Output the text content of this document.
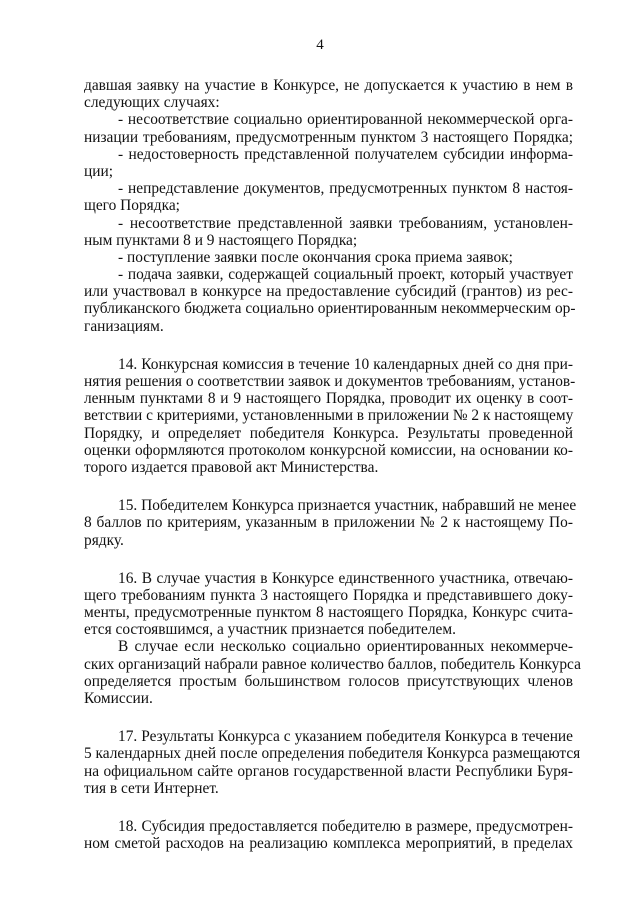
4
давшая заявку на участие в Конкурсе, не допускается к участию в нем в
следующих случаях:
- несоответствие социально ориентированной некоммерческой орга-
низации требованиям, предусмотренным пунктом 3 настоящего Порядка;
- недостоверность представленной получателем субсидии информа-
ции;
- непредставление документов, предусмотренных пунктом 8 настоя-
щего Порядка;
- несоответствие представленной заявки требованиям, установлен-
ным пунктами 8 и 9 настоящего Порядка;
- поступление заявки после окончания срока приема заявок;
- подача заявки, содержащей социальный проект, который участвует
или участвовал в конкурсе на предоставление субсидий (грантов) из рес-
публиканского бюджета социально ориентированным некоммерческим ор-
ганизациям.
14. Конкурсная комиссия в течение 10 календарных дней со дня при-
нятия решения о соответствии заявок и документов требованиям, установ-
ленным пунктами 8 и 9 настоящего Порядка, проводит их оценку в соот-
ветствии с критериями, установленными в приложении № 2 к настоящему
Порядку, и определяет победителя Конкурса. Результаты проведенной
оценки оформляются протоколом конкурсной комиссии, на основании ко-
торого издается правовой акт Министерства.
15. Победителем Конкурса признается участник, набравший не менее
8 баллов по критериям, указанным в приложении № 2 к настоящему По-
рядку.
16. В случае участия в Конкурсе единственного участника, отвечаю-
щего требованиям пункта 3 настоящего Порядка и представившего доку-
менты, предусмотренные пунктом 8 настоящего Порядка, Конкурс счита-
ется состоявшимся, а участник признается победителем.
В случае если несколько социально ориентированных некоммерче-
ских организаций набрали равное количество баллов, победитель Конкурса
определяется простым большинством голосов присутствующих членов
Комиссии.
17. Результаты Конкурса с указанием победителя Конкурса в течение
5 календарных дней после определения победителя Конкурса размещаются
на официальном сайте органов государственной власти Республики Буря-
тия в сети Интернет.
18. Субсидия предоставляется победителю в размере, предусмотрен-
ном сметой расходов на реализацию комплекса мероприятий, в пределах
